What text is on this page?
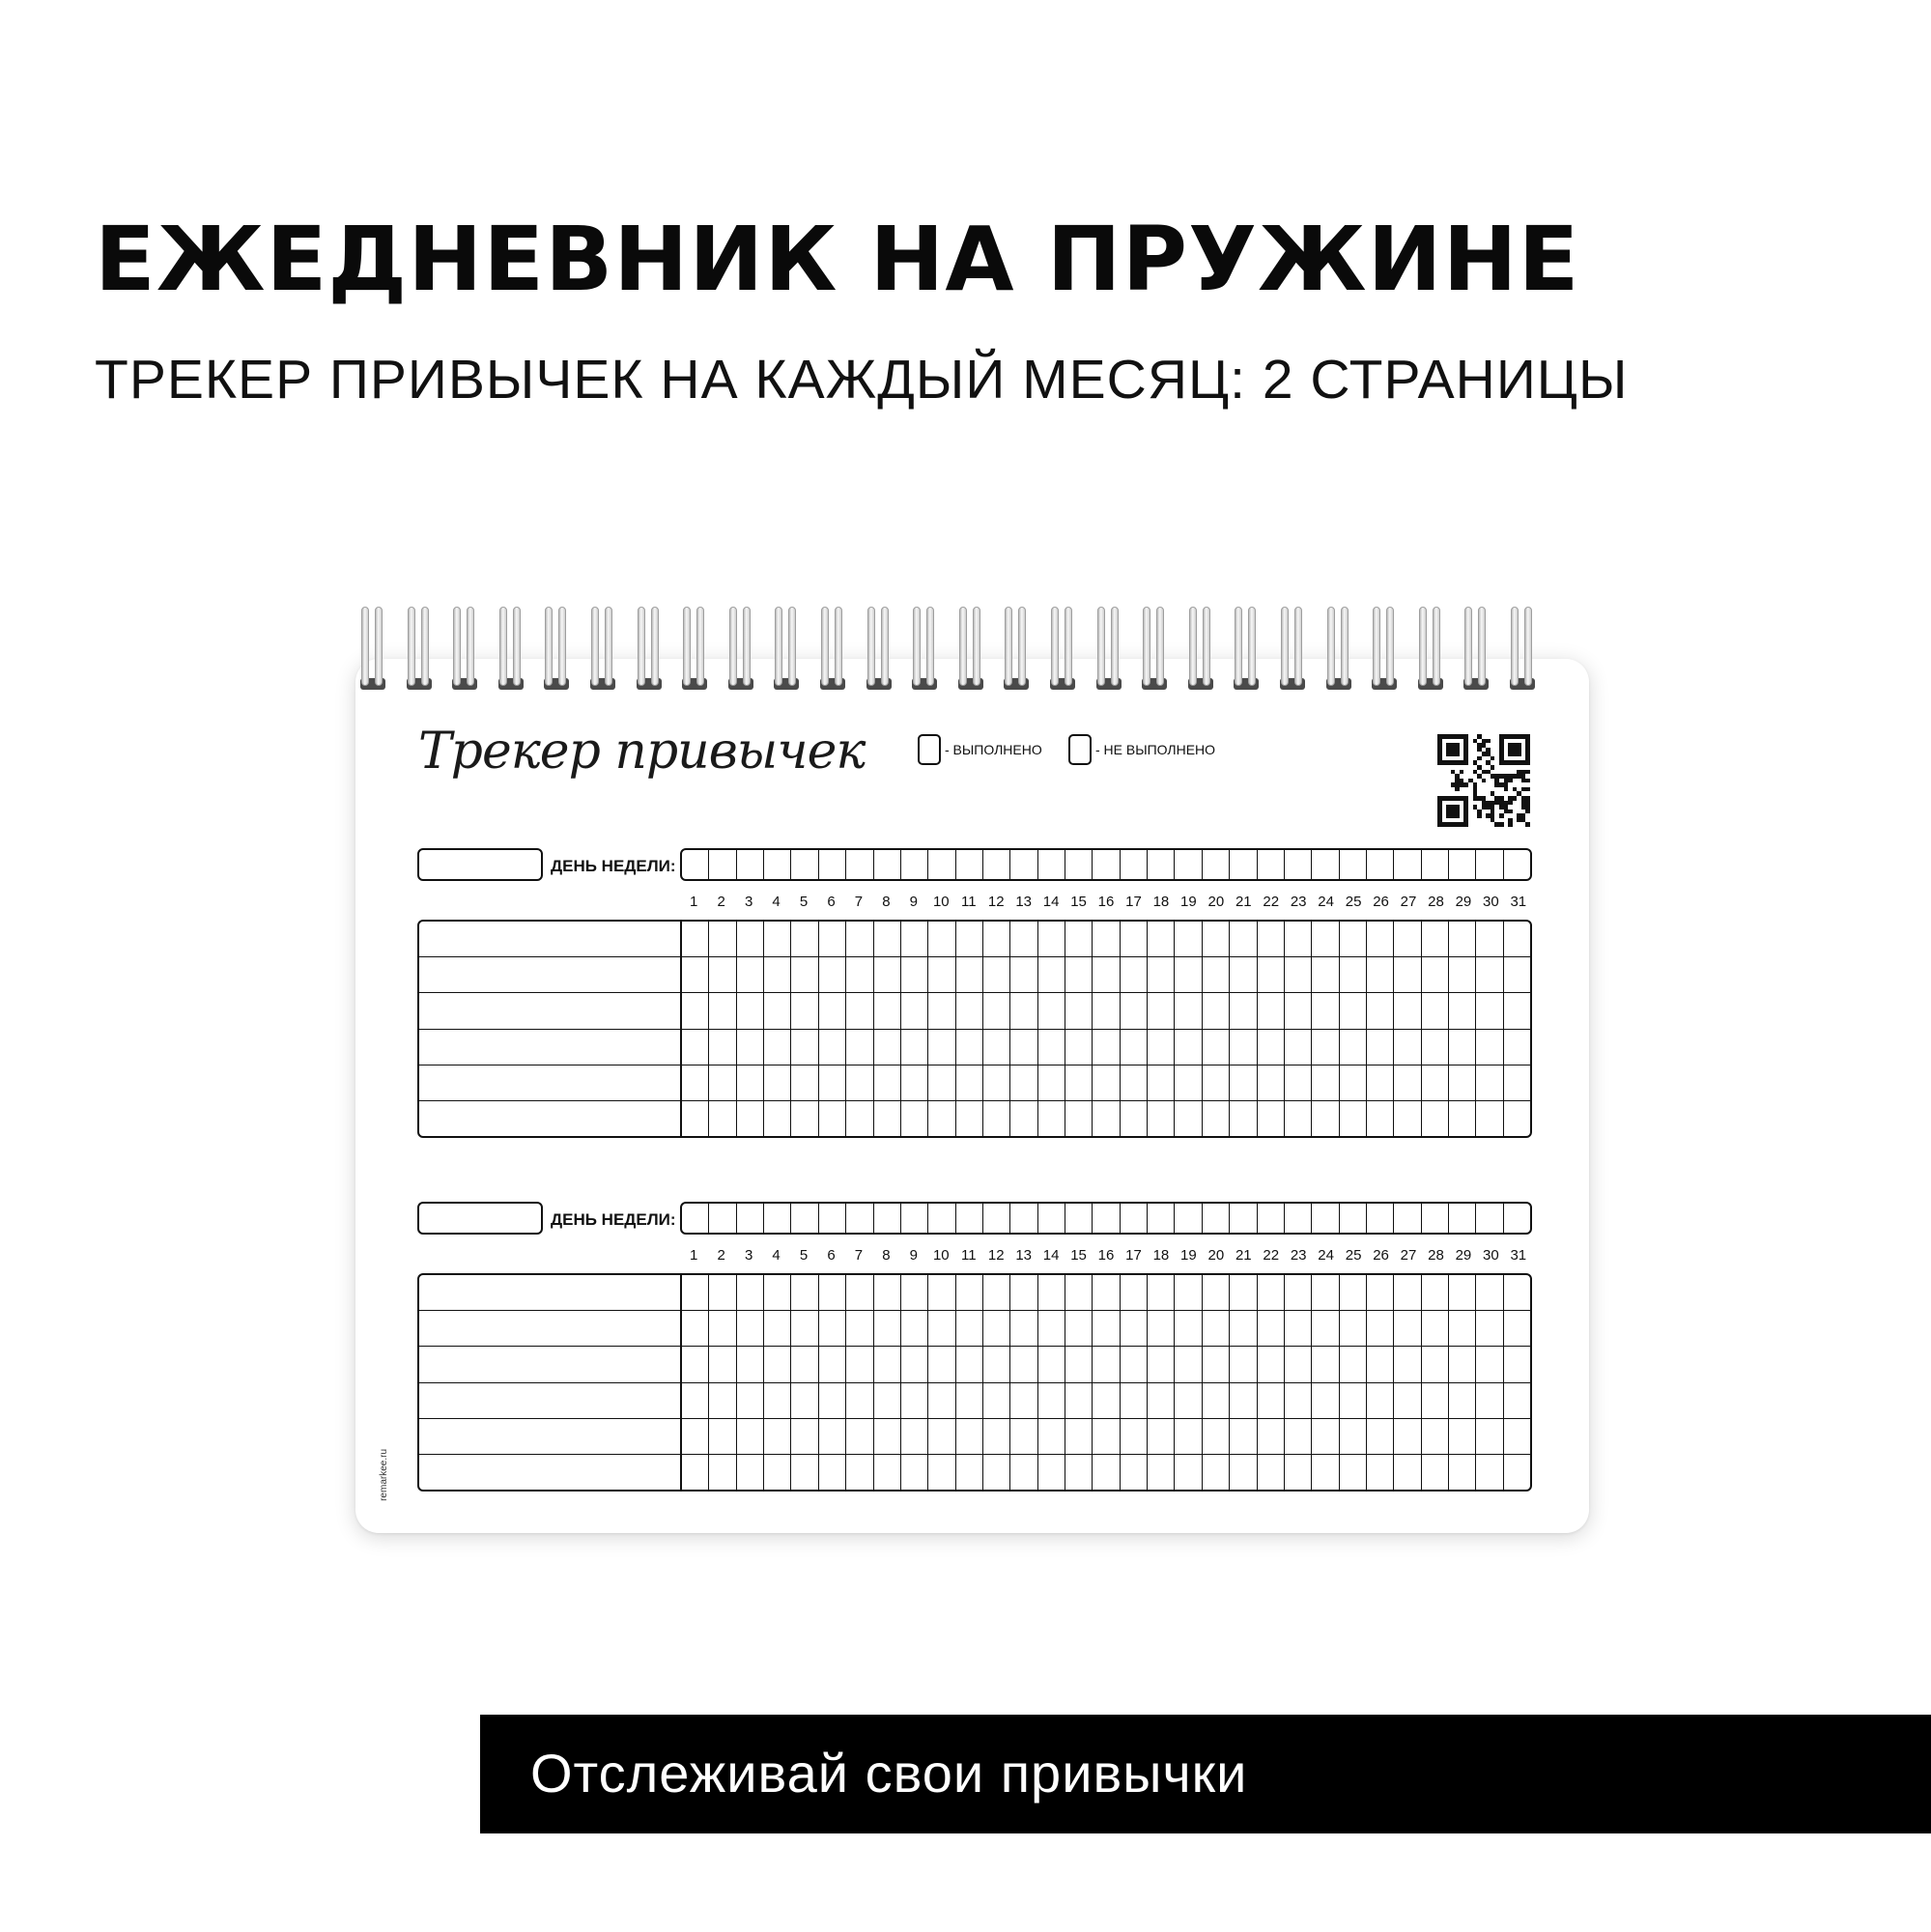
ЕЖЕДНЕВНИК НА ПРУЖИНЕ
ТРЕКЕР ПРИВЫЧЕК НА КАЖДЫЙ МЕСЯЦ: 2 СТРАНИЦЫ
Трекер привычек	- ВЫПОЛНЕНО	- НЕ ВЫПОЛНЕНО
remarkee.ru
ДЕНЬ НЕДЕЛИ:
1	2	3	4	5	6	7	8	9	10 11 12 13 14 15 16 17 18 19 20 21 22 23 24 25 26 27 28 29 30 31
ДЕНЬ НЕДЕЛИ:
1	2	3	4	5	6	7	8	9	10 11 12 13 14 15 16 17 18 19 20 21 22 23 24 25 26 27 28 29 30 31

Отслеживай свои привычки
